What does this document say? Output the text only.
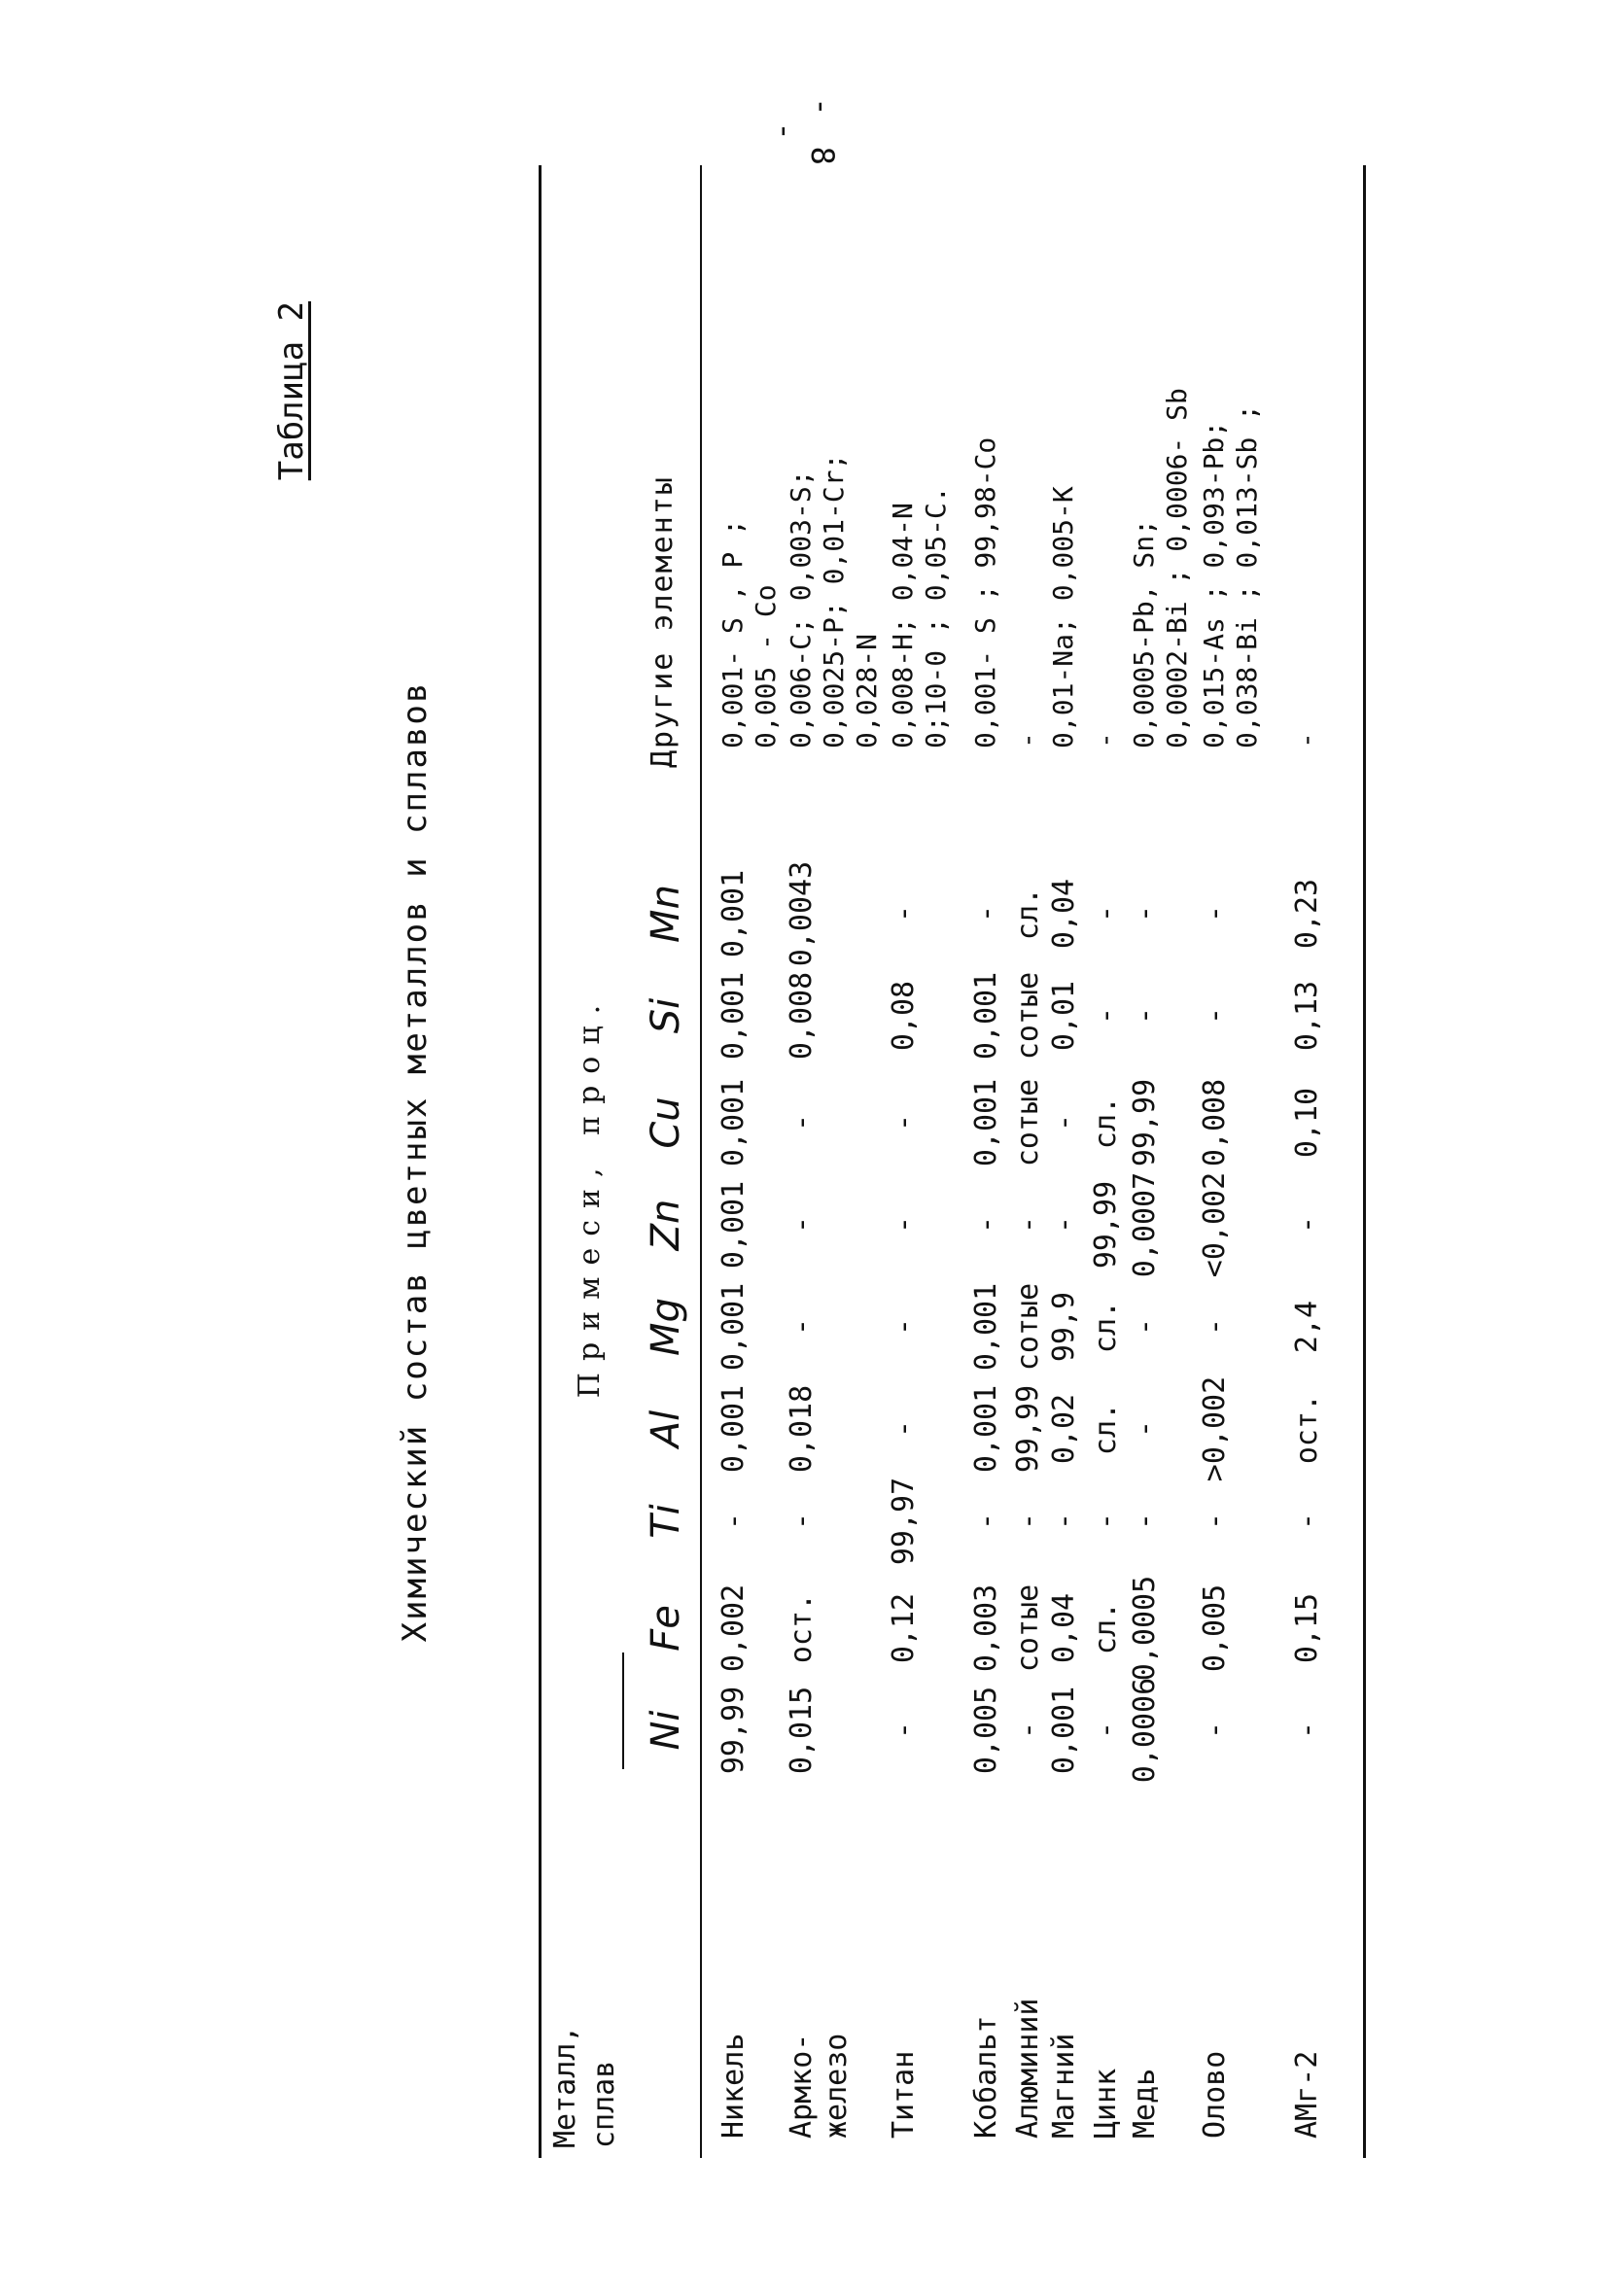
- 8 -
Таблица 2
Химический состав цветных металлов и сплавов
Металл,
сплав
Примеси, проц.
Другие элементы
Ni
Fe
Ti
Al
Mg
Zn
Cu
Si
Mn
Никель
99,99
0,002
-
0,001
0,001
0,001
0,001
0,001
0,001
0,001- S , P ;
0,005 - Co
Армко-
железо
0,015
ост.
-
0,018
-
-
-
0,008
0,0043
0,006-C; 0,003-S;
0,0025-P; 0,01-Cr;
0,028-N
Титан
-
0,12
99,97
-
-
-
-
0,08
-
0,008-H; 0,04-N
0;10-0 ; 0,05-C.
Кобальт
0,005
0,003
-
0,001
0,001
-
0,001
0,001
-
0,001- S ; 99,98-Co
Алюминий
-
сотые
-
99,99
сотые
-
сотые
сотые
сл.
-
Магний
0,001
0,04
-
0,02
99,9
-
-
0,01
0,04
0,01-Na; 0,005-K
Цинк
-
сл.
-
сл.
сл.
99,99
сл.
-
-
-
Медь
0,0006
0,0005
-
-
-
0,0007
99,99
-
-
0,0005-Pb, Sn;
0,0002-Bi ; 0,0006- Sb
Олово
-
0,005
-
>0,002
-
<0,002
0,008
-
-
0,015-As ; 0,093-Pb;
0,038-Bi ; 0,013-Sb ;
АМг-2
-
0,15
-
ост.
2,4
-
0,10
0,13
0,23
-
